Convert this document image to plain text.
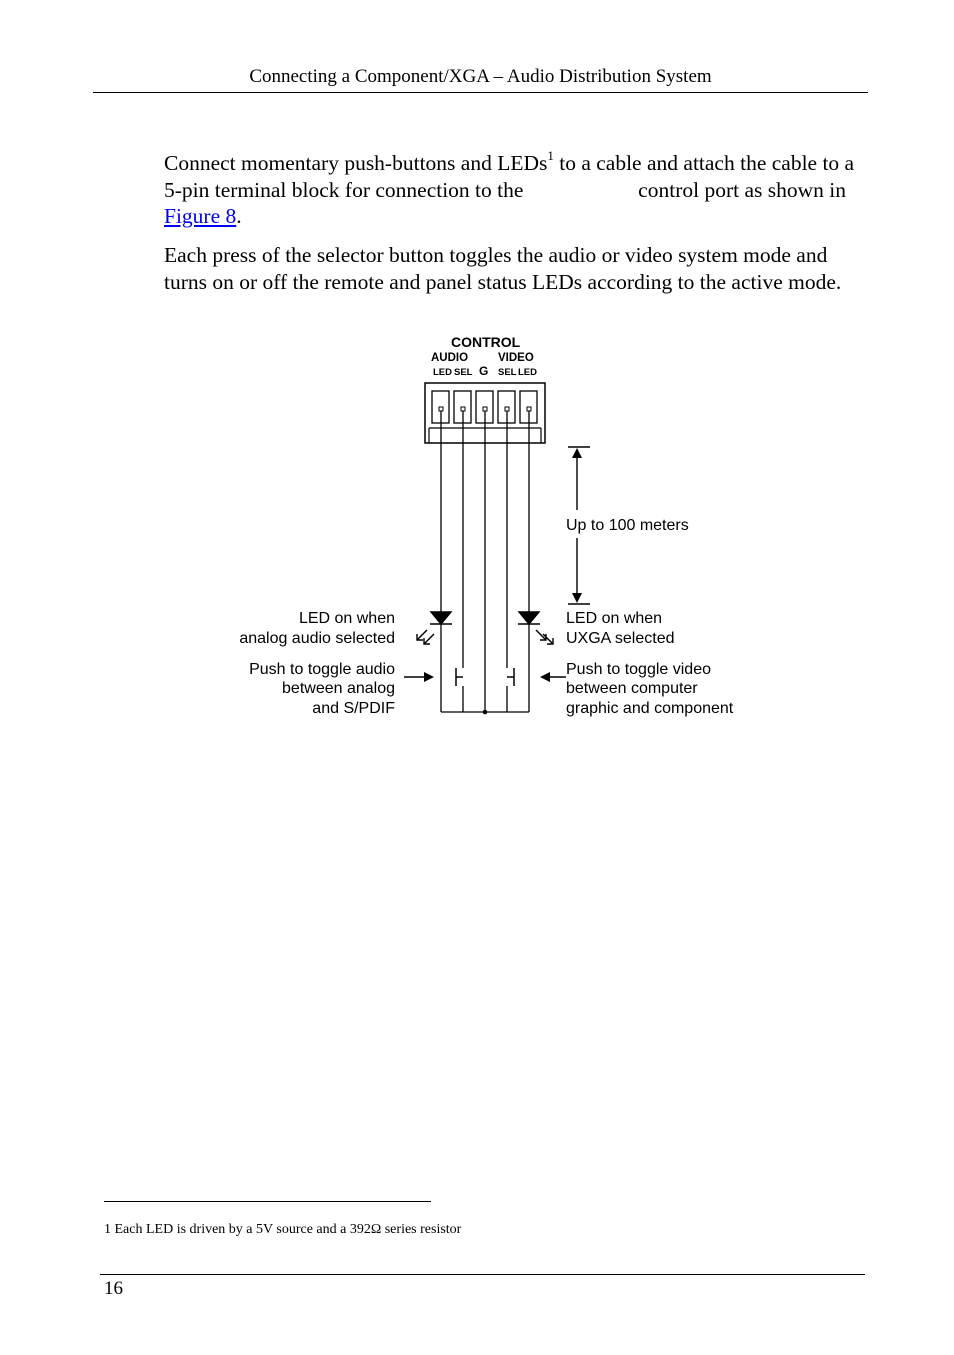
Connecting a Component/XGA – Audio Distribution System

Connect momentary push-buttons and LEDs$^1$ to a cable and attach the cable to a 5-pin terminal block for connection to the	control port as shown in Figure 8.

Each press of the selector button toggles the audio or video system mode and turns on or off the remote and panel status LEDs according to the active mode.

CONTROL
AUDIO	VIDEO
LED SEL G SEL LED
Up to 100 meters
LED on when
analog audio selected
Push to toggle audio
between analog
and S/PDIF
LED on when
UXGA selected
Push to toggle video
between computer
graphic and component
1 Each LED is driven by a 5V source and a 392Ω series resistor
16
